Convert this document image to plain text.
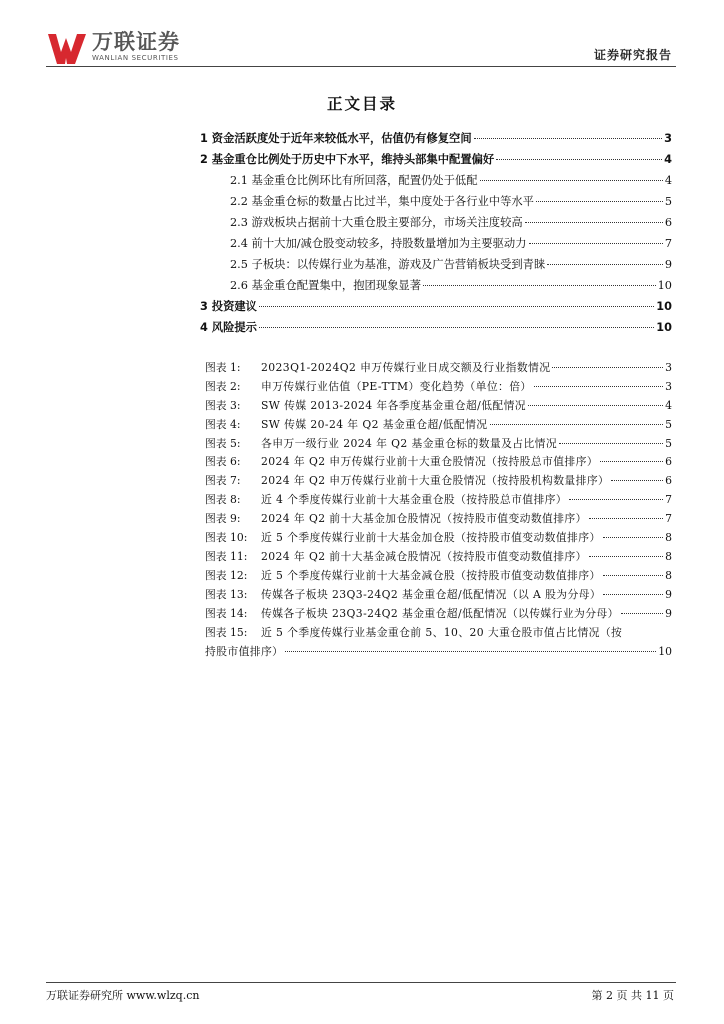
万联证券
WANLIAN SECURITIES	证券研究报告
正文目录
1 资金活跃度处于近年来较低水平，估值仍有修复空间	3
2 基金重仓比例处于历史中下水平，维持头部集中配置偏好	4
2.1 基金重仓比例环比有所回落，配置仍处于低配	4
2.2 基金重仓标的数量占比过半，集中度处于各行业中等水平	5
2.3 游戏板块占据前十大重仓股主要部分，市场关注度较高	6
2.4 前十大加/减仓股变动较多，持股数量增加为主要驱动力	7
2.5 子板块：以传媒行业为基准，游戏及广告营销板块受到青睐	9
2.6 基金重仓配置集中，抱团现象显著	10
3 投资建议	10
4 风险提示	10
图表 1:	2023Q1-2024Q2 申万传媒行业日成交额及行业指数情况	3
图表 2:	申万传媒行业估值（PE-TTM）变化趋势（单位：倍）	3
图表 3:	SW 传媒 2013-2024 年各季度基金重仓超/低配情况	4
图表 4:	SW 传媒 20-24 年 Q2 基金重仓超/低配情况	5
图表 5:	各申万一级行业 2024 年 Q2 基金重仓标的数量及占比情况	5
图表 6:	2024 年 Q2 申万传媒行业前十大重仓股情况（按持股总市值排序）	6
图表 7:	2024 年 Q2 申万传媒行业前十大重仓股情况（按持股机构数量排序）	6
图表 8:	近 4 个季度传媒行业前十大基金重仓股（按持股总市值排序）	7
图表 9:	2024 年 Q2 前十大基金加仓股情况（按持股市值变动数值排序）	7
图表 10:	近 5 个季度传媒行业前十大基金加仓股（按持股市值变动数值排序）	8
图表 11:	2024 年 Q2 前十大基金减仓股情况（按持股市值变动数值排序）	8
图表 12:	近 5 个季度传媒行业前十大基金减仓股（按持股市值变动数值排序）	8
图表 13:	传媒各子板块 23Q3-24Q2 基金重仓超/低配情况（以 A 股为分母）	9
图表 14:	传媒各子板块 23Q3-24Q2 基金重仓超/低配情况（以传媒行业为分母）	9
图表 15:	近 5 个季度传媒行业基金重仓前 5、10、20 大重仓股市值占比情况（按
持股市值排序）	10
万联证券研究所 www.wlzq.cn	第 2 页 共 11 页
